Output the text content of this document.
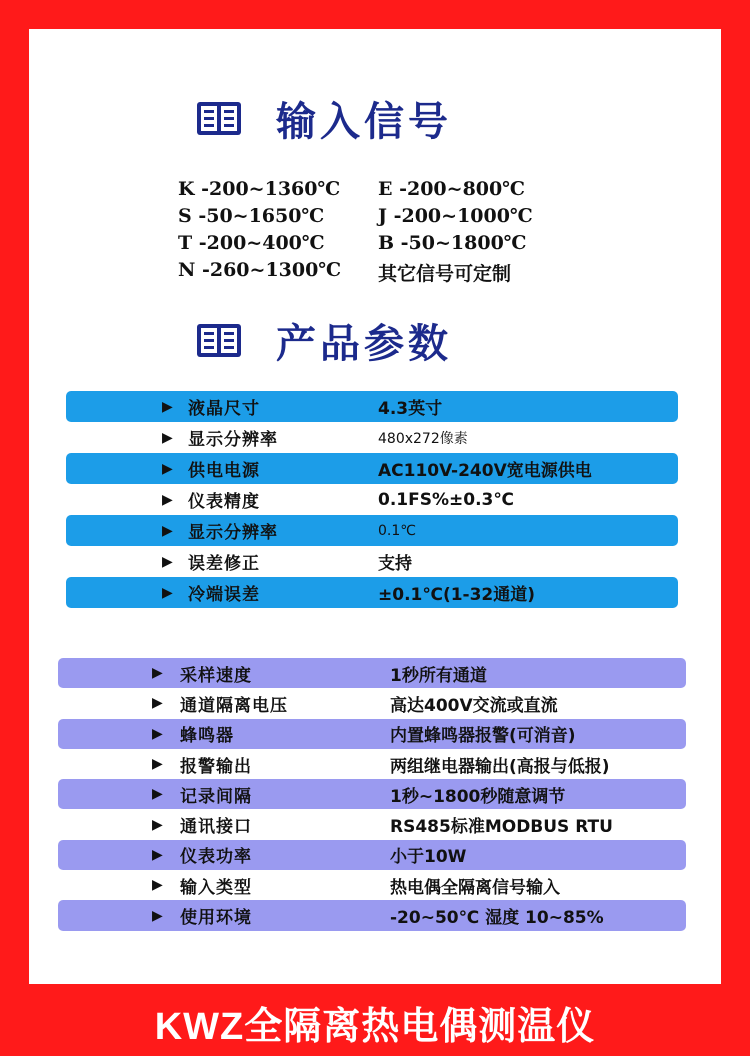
输入信号
K -200~1360℃	E -200~800℃
S -50~1650℃	J -200~1000℃
T -200~400℃	B -50~1800℃
N -260~1300℃	其它信号可定制
产品参数
▶ 液晶尺寸	4.3英寸
▶ 显示分辨率	480x272像素
▶ 供电电源	AC110V-240V宽电源供电
▶ 仪表精度	0.1FS%±0.3℃
▶ 显示分辨率	0.1℃
▶ 误差修正	支持
▶ 冷端误差	±0.1℃(1-32通道)
▶ 采样速度	1秒所有通道
▶ 通道隔离电压	高达400V交流或直流
▶ 蜂鸣器	内置蜂鸣器报警(可消音)
▶ 报警输出	两组继电器输出(高报与低报)
▶ 记录间隔	1秒~1800秒随意调节
▶ 通讯接口	RS485标准MODBUS RTU
▶ 仪表功率	小于10W
▶ 输入类型	热电偶全隔离信号输入
▶ 使用环境	-20~50℃ 湿度 10~85%
KWZ全隔离热电偶测温仪
